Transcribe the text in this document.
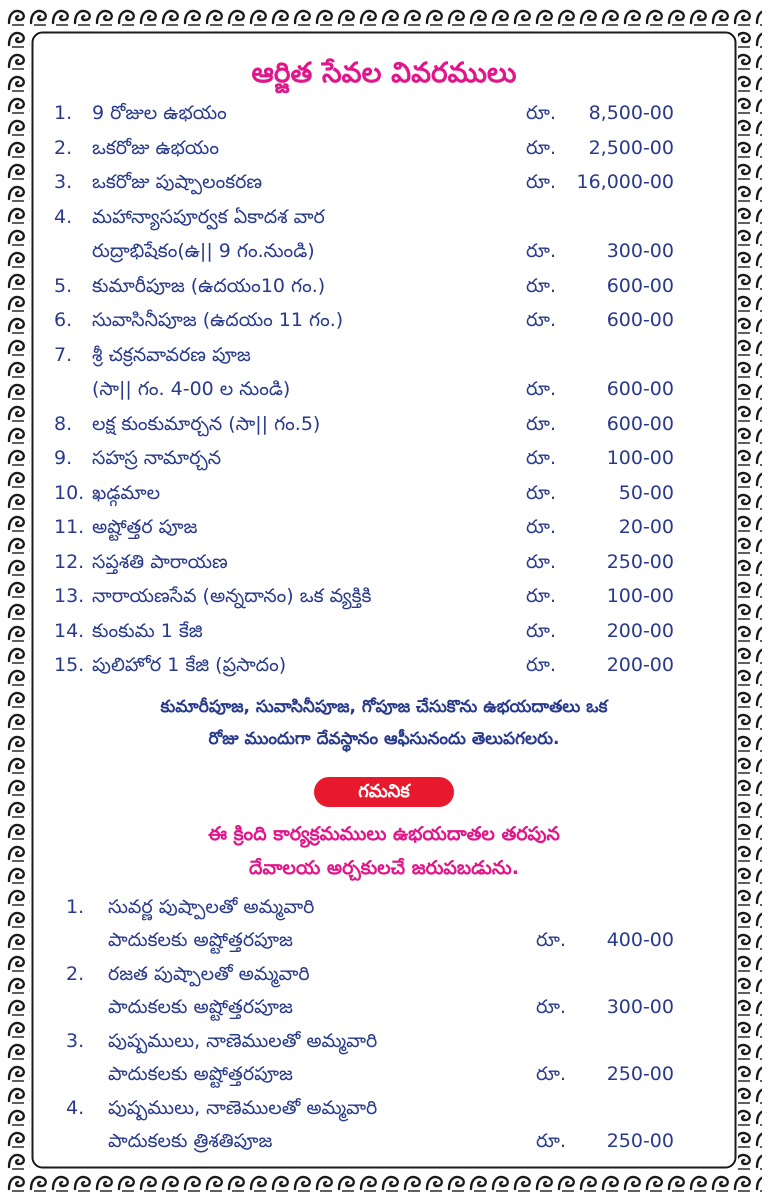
ఆర్జిత సేవల వివరములు
1. 9 రోజుల ఉభయం	రూ. 8,500-00
2. ఒకరోజు ఉభయం	రూ. 2,500-00
3. ఒకరోజు పుష్పాలంకరణ	రూ. 16,000-00
4. మహాన్యాసపూర్వక ఏకాదశ వార
రుద్రాభిషేకం(ఉ|| 9 గం.నుండి)	రూ.	300-00
5. కుమారీపూజ (ఉదయం10 గం.)	రూ.	600-00
6. సువాసినీపూజ (ఉదయం 11 గం.)	రూ.	600-00
7. శ్రీ చక్రనవావరణ పూజ
(సా|| గం. 4-00 ల నుండి)	రూ.	600-00
8. లక్ష కుంకుమార్చన (సా|| గం.5)	రూ.	600-00
9. సహస్ర నామార్చన	రూ.	100-00
10. ఖడ్గమాల	రూ.	50-00
11. అష్టోత్తర పూజ	రూ.	20-00
12. సప్తశతి పారాయణ	రూ.	250-00
13. నారాయణసేవ (అన్నదానం) ఒక వ్యక్తికి	రూ.	100-00
14. కుంకుమ 1 కేజి	రూ.	200-00
15. పులిహోర 1 కేజి (ప్రసాదం)	రూ.	200-00
కుమారీపూజ, సువాసినీపూజ, గోపూజ చేసుకొను ఉభయదాతలు ఒక
రోజు ముందుగా దేవస్థానం ఆఫీసునందు తెలుపగలరు.
గమనిక
ఈ క్రింది కార్యక్రమములు ఉభయదాతల తరపున
దేవాలయ అర్చకులచే జరుపబడును.
1. సువర్ణ పుష్పాలతో అమ్మవారి
పాదుకలకు అష్టోత్తరపూజ	రూ. 400-00
2. రజత పుష్పాలతో అమ్మవారి
పాదుకలకు అష్టోత్తరపూజ	రూ. 300-00
3. పుష్పములు, నాణెములతో అమ్మవారి
పాదుకలకు అష్టోత్తరపూజ	రూ. 250-00
4. పుష్పములు, నాణెములతో అమ్మవారి
పాదుకలకు త్రిశతిపూజ	రూ. 250-00
